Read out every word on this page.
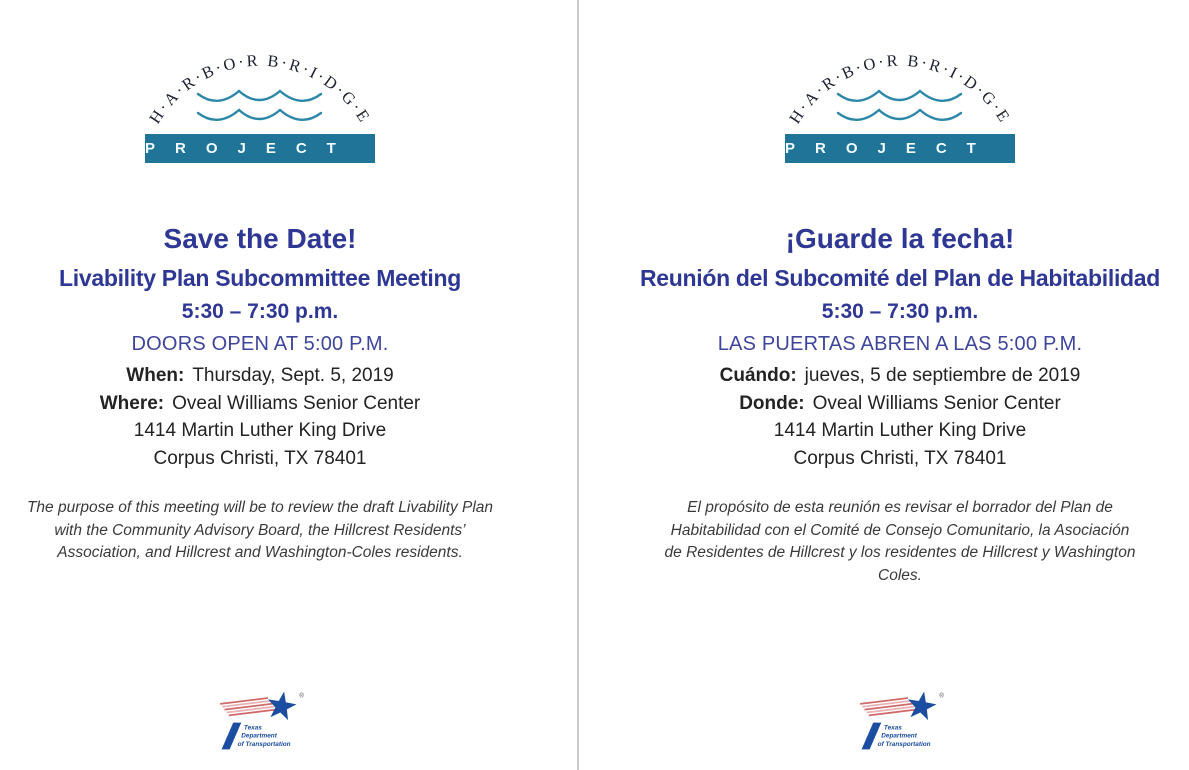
H·A·R·B·O·R B·R·I·D·G·E
PROJECT
Save the Date!
Livability Plan Subcommittee Meeting
5:30 – 7:30 p.m.
DOORS OPEN AT 5:00 P.M.
When: Thursday, Sept. 5, 2019
Where: Oveal Williams Senior Center
1414 Martin Luther King Drive
Corpus Christi, TX 78401
The purpose of this meeting will be to review the draft Livability Plan
with the Community Advisory Board, the Hillcrest Residents’
Association, and Hillcrest and Washington-Coles residents.
®
Texas
Department
of Transportation
H·A·R·B·O·R B·R·I·D·G·E
PROJECT
¡Guarde la fecha!
Reunión del Subcomité del Plan de Habitabilidad
5:30 – 7:30 p.m.
LAS PUERTAS ABREN A LAS 5:00 P.M.
Cuándo: jueves, 5 de septiembre de 2019
Donde: Oveal Williams Senior Center
1414 Martin Luther King Drive
Corpus Christi, TX 78401
El propósito de esta reunión es revisar el borrador del Plan de
Habitabilidad con el Comité de Consejo Comunitario, la Asociación
de Residentes de Hillcrest y los residentes de Hillcrest y Washington
Coles.
®
Texas
Department
of Transportation
